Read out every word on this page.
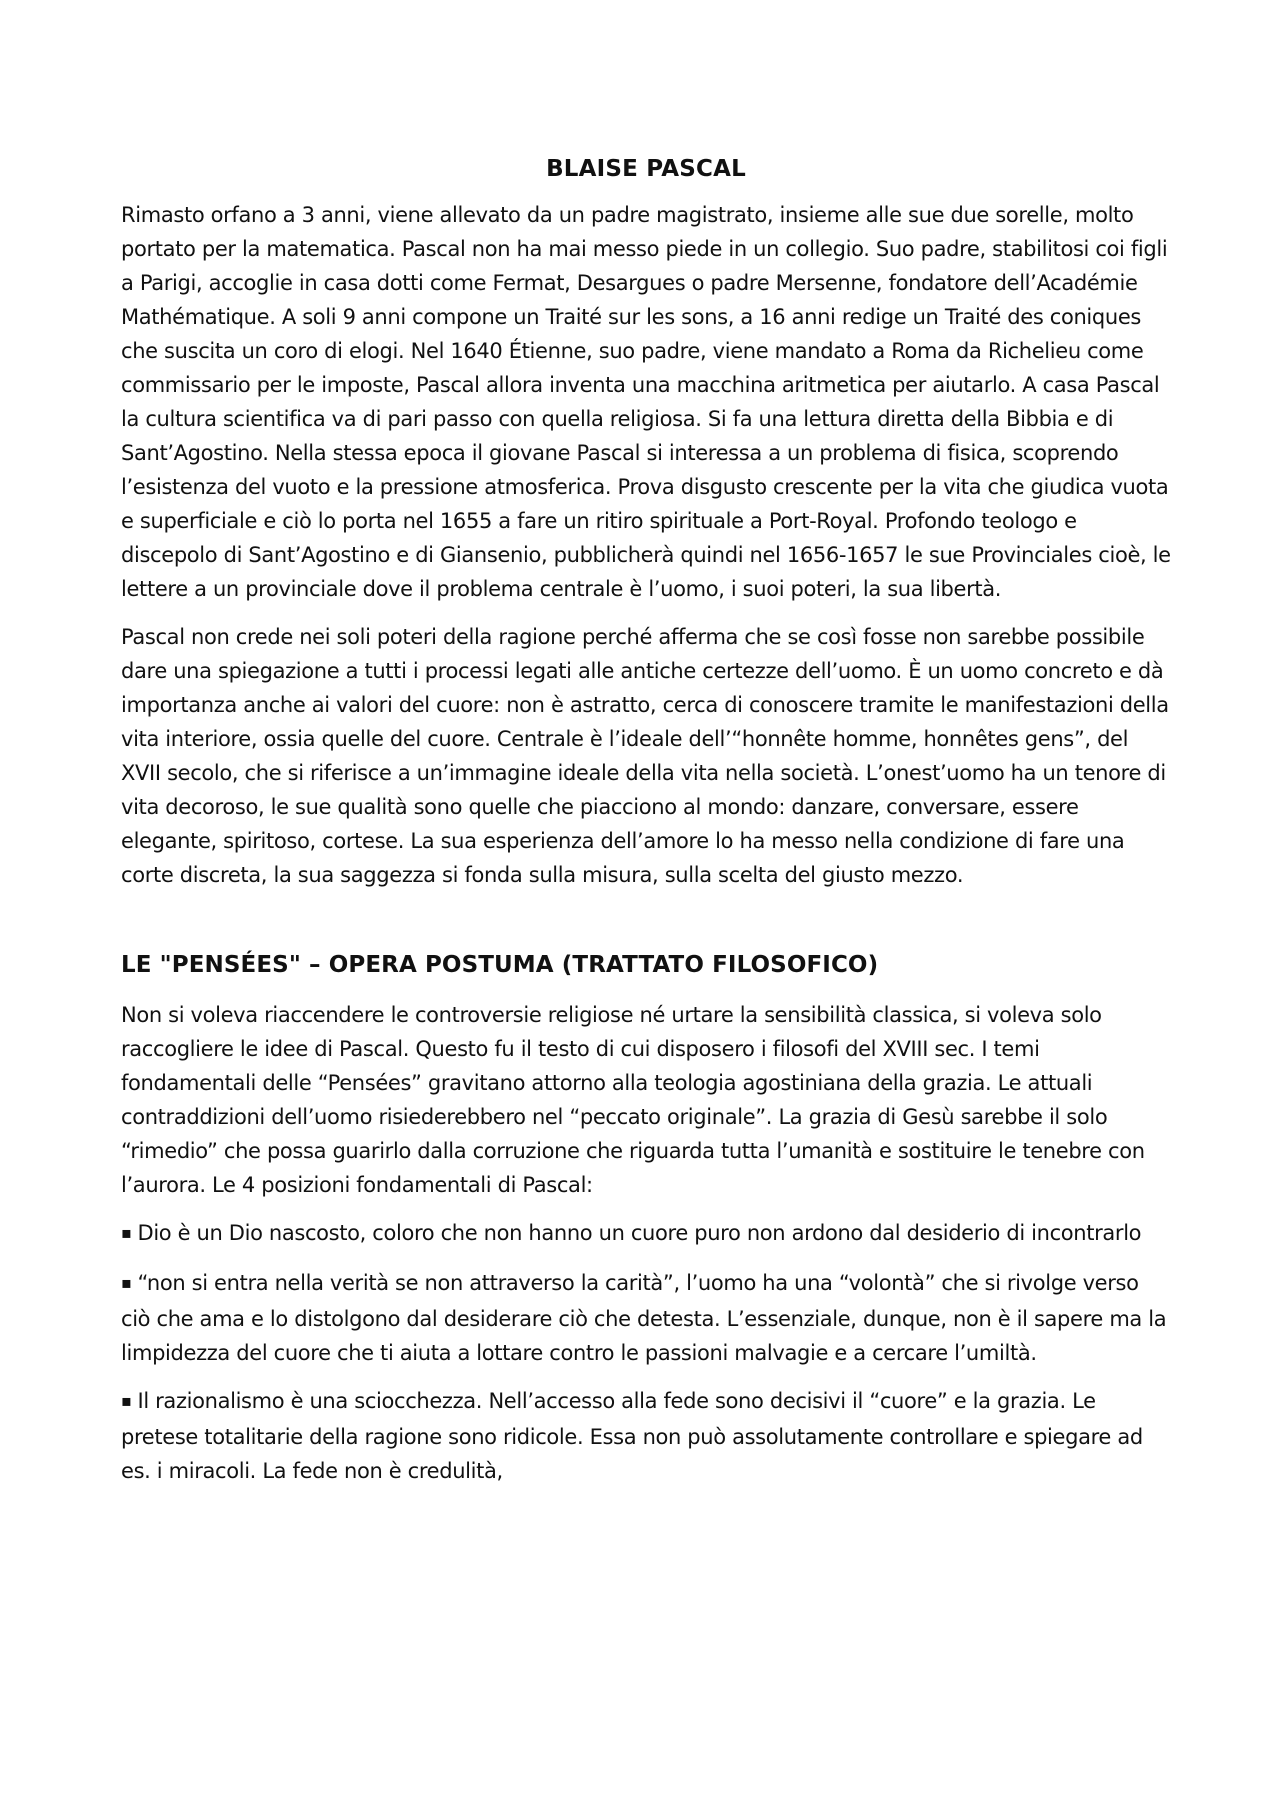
BLAISE PASCAL

Rimasto orfano a 3 anni, viene allevato da un padre magistrato, insieme alle sue due sorelle, molto portato per la matematica. Pascal non ha mai messo piede in un collegio. Suo padre, stabilitosi coi figli a Parigi, accoglie in casa dotti come Fermat, Desargues o padre Mersenne, fondatore dell’Académie Mathématique. A soli 9 anni compone un Traité sur les sons, a 16 anni redige un Traité des coniques che suscita un coro di elogi. Nel 1640 Étienne, suo padre, viene mandato a Roma da Richelieu come commissario per le imposte, Pascal allora inventa una macchina aritmetica per aiutarlo. A casa Pascal la cultura scientifica va di pari passo con quella religiosa. Si fa una lettura diretta della Bibbia e di Sant’Agostino. Nella stessa epoca il giovane Pascal si interessa a un problema di fisica, scoprendo l’esistenza del vuoto e la pressione atmosferica. Prova disgusto crescente per la vita che giudica vuota e superficiale e ciò lo porta nel 1655 a fare un ritiro spirituale a Port-Royal. Profondo teologo e discepolo di Sant’Agostino e di Giansenio, pubblicherà quindi nel 1656-1657 le sue Provinciales cioè, le lettere a un provinciale dove il problema centrale è l’uomo, i suoi poteri, la sua libertà.

Pascal non crede nei soli poteri della ragione perché afferma che se così fosse non sarebbe possibile dare una spiegazione a tutti i processi legati alle antiche certezze dell’uomo. È un uomo concreto e dà importanza anche ai valori del cuore: non è astratto, cerca di conoscere tramite le manifestazioni della vita interiore, ossia quelle del cuore. Centrale è l’ideale dell’“honnête homme, honnêtes gens”, del XVII secolo, che si riferisce a un’immagine ideale della vita nella società. L’onest’uomo ha un tenore di vita decoroso, le sue qualità sono quelle che piacciono al mondo: danzare, conversare, essere elegante, spiritoso, cortese. La sua esperienza dell’amore lo ha messo nella condizione di fare una corte discreta, la sua saggezza si fonda sulla misura, sulla scelta del giusto mezzo.

LE "PENSÉES" – OPERA POSTUMA (TRATTATO FILOSOFICO)

Non si voleva riaccendere le controversie religiose né urtare la sensibilità classica, si voleva solo raccogliere le idee di Pascal. Questo fu il testo di cui disposero i filosofi del XVIII sec. I temi fondamentali delle “Pensées” gravitano attorno alla teologia agostiniana della grazia. Le attuali contraddizioni dell’uomo risiederebbero nel “peccato originale”. La grazia di Gesù sarebbe il solo “rimedio” che possa guarirlo dalla corruzione che riguarda tutta l’umanità e sostituire le tenebre con l’aurora. Le 4 posizioni fondamentali di Pascal:

▪ Dio è un Dio nascosto, coloro che non hanno un cuore puro non ardono dal desiderio di incontrarlo

▪ “non si entra nella verità se non attraverso la carità”, l’uomo ha una “volontà” che si rivolge verso ciò che ama e lo distolgono dal desiderare ciò che detesta. L’essenziale, dunque, non è il sapere ma la limpidezza del cuore che ti aiuta a lottare contro le passioni malvagie e a cercare l’umiltà.

▪ Il razionalismo è una sciocchezza. Nell’accesso alla fede sono decisivi il “cuore” e la grazia. Le pretese totalitarie della ragione sono ridicole. Essa non può assolutamente controllare e spiegare ad es. i miracoli. La fede non è credulità,
